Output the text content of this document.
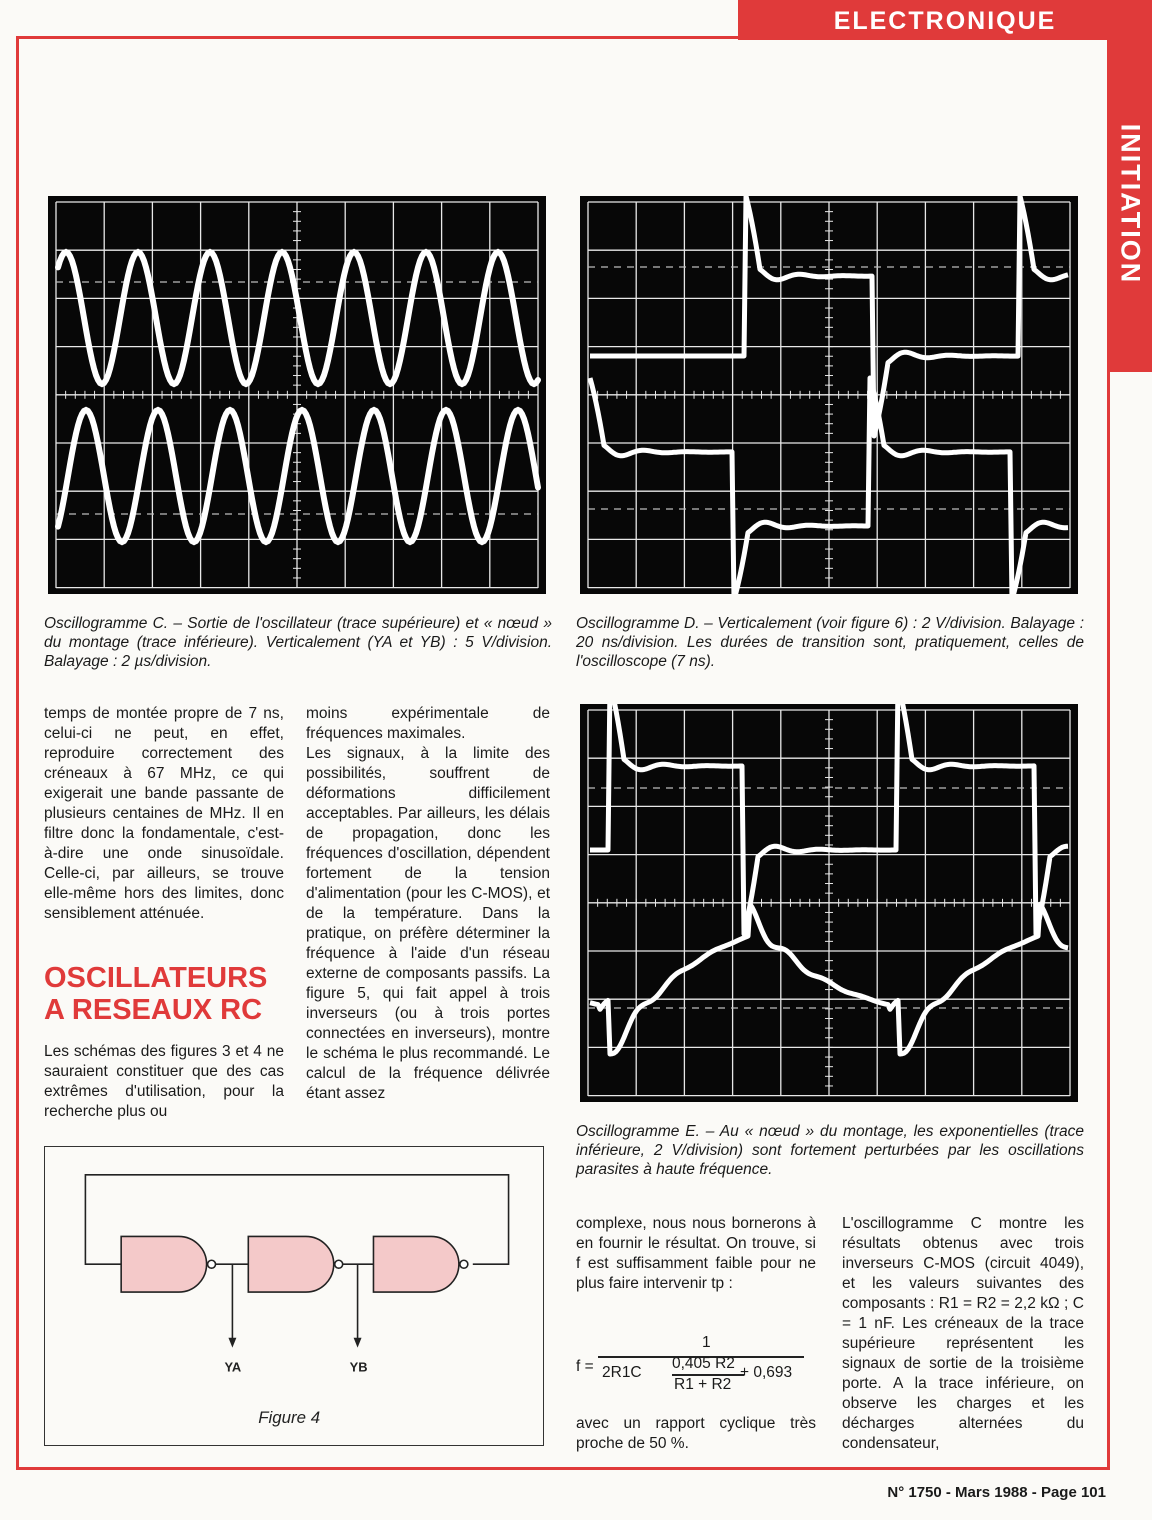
ELECTRONIQUE
INITIATION
Oscillogramme C. – Sortie de l'oscillateur (trace supérieure) et « nœud » du montage (trace inférieure). Verticalement (YA et YB) : 5 V/division. Balayage : 2 µs/division.
Oscillogramme D. – Verticalement (voir figure 6) : 2 V/division. Balayage : 20 ns/division. Les durées de transition sont, pratiquement, celles de l'oscilloscope (7 ns).
Oscillogramme E. – Au « nœud » du montage, les exponentielles (trace inférieure, 2 V/division) sont fortement perturbées par les oscillations parasites à haute fréquence.

temps de montée propre de 7 ns, celui-ci ne peut, en effet, reproduire correctement des créneaux à 67 MHz, ce qui exigerait une bande passante de plusieurs centaines de MHz. Il en filtre donc la fondamentale, c'est-à-dire une onde sinusoïdale. Celle-ci, par ailleurs, se trouve elle-même hors des limites, donc sensiblement atténuée.

OSCILLATEURS A RESEAUX RC

Les schémas des figures 3 et 4 ne sauraient constituer que des cas extrêmes d'utilisation, pour la recherche plus ou

moins expérimentale de fréquences maximales.

Les signaux, à la limite des possibilités, souffrent de déformations difficilement acceptables. Par ailleurs, les délais de propagation, donc les fréquences d'oscillation, dépendent fortement de la tension d'alimentation (pour les C-MOS), et de la température. Dans la pratique, on préfère déterminer la fréquence à l'aide d'un réseau externe de composants passifs. La figure 5, qui fait appel à trois inverseurs (ou à trois portes connectées en inverseurs), montre le schéma le plus recommandé. Le calcul de la fréquence délivrée étant assez

complexe, nous nous bornerons à en fournir le résultat. On trouve, si f est suffisamment faible pour ne plus faire intervenir tp :

f =
1
2R1C
0,405 R2
R1 + R2
+ 0,693

avec un rapport cyclique très proche de 50 %.

L'oscillogramme C montre les résultats obtenus avec trois inverseurs C-MOS (circuit 4049), et les valeurs suivantes des composants : R1 = R2 = 2,2 kΩ ; C = 1 nF. Les créneaux de la trace supérieure représentent les signaux de sortie de la troisième porte. A la trace inférieure, on observe les charges et les décharges alternées du condensateur,

YA	YB
Figure 4
N° 1750 - Mars 1988 - Page 101
